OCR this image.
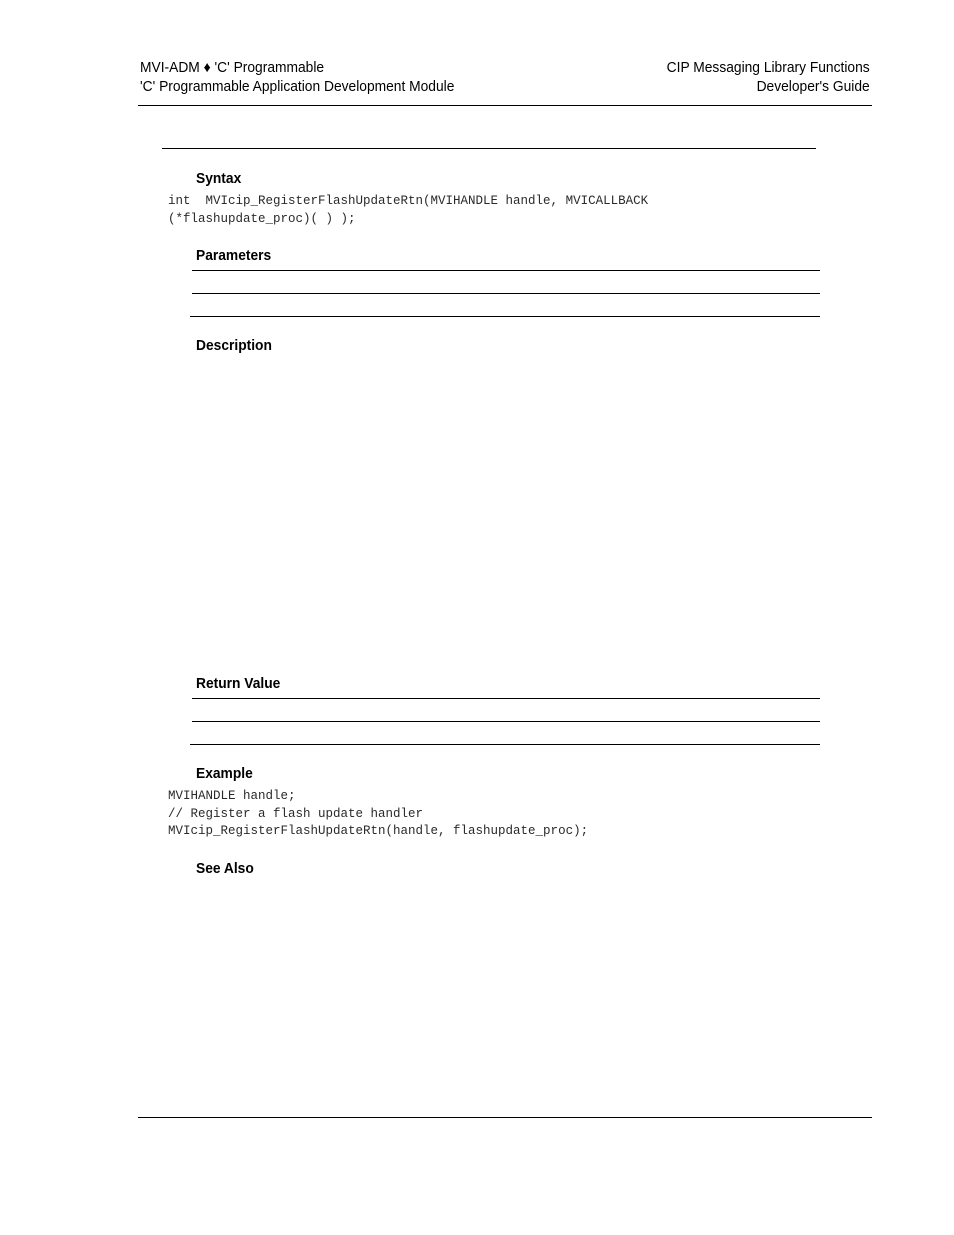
MVI-ADM ♦ 'C' Programmable
'C' Programmable Application Development Module
CIP Messaging Library Functions
Developer's Guide
Syntax
int  MVIcip_RegisterFlashUpdateRtn(MVIHANDLE handle, MVICALLBACK
(*flashupdate_proc)( ) );
Parameters
Description
Return Value
Example
MVIHANDLE handle;
// Register a flash update handler
MVIcip_RegisterFlashUpdateRtn(handle, flashupdate_proc);
See Also
